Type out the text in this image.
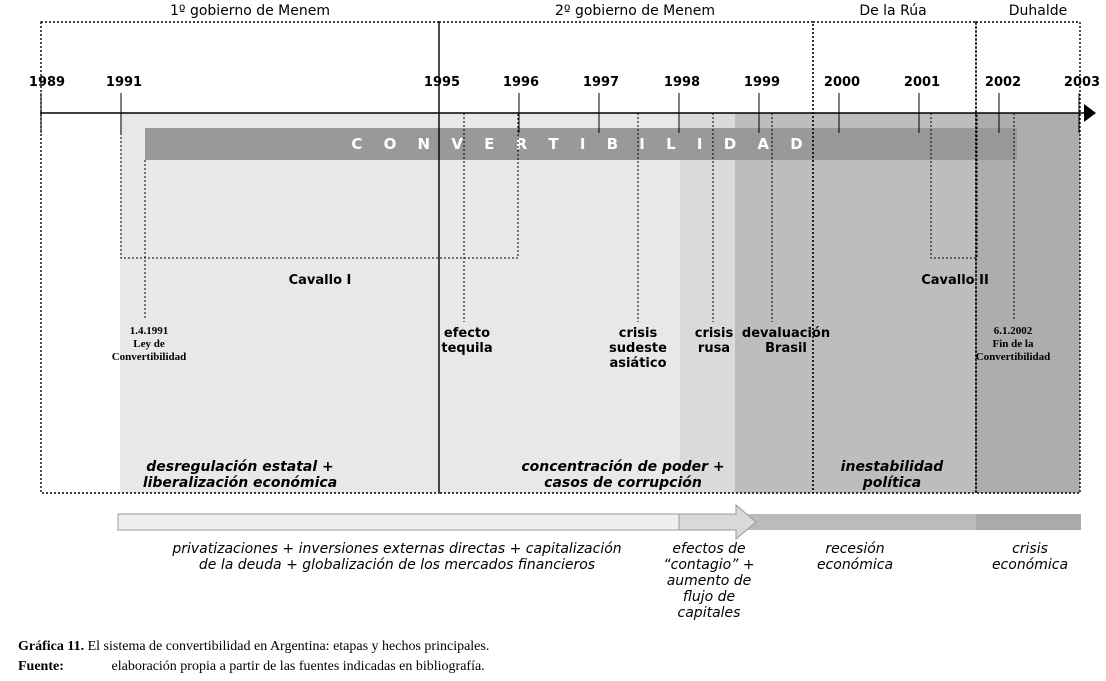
C O N V E R T I B I L I D A D
1º gobierno de Menem	2º gobierno de Menem	De la Rúa	Duhalde
1989	1991	1995	1996	1997	1998	1999	2000	2001	2002	2003
Cavallo I	Cavallo II
1.4.1991
Ley de
Convertibilidad
6.1.2002
Fin de la
Convertibilidad
efecto
tequila
crisis
sudeste
asiático
crisis
rusa
devaluación
Brasil
desregulación estatal +
liberalización económica
concentración de poder +
casos de corrupción
inestabilidad
política
privatizaciones + inversiones externas directas + capitalización
de la deuda + globalización de los mercados financieros
efectos de
“contagio” +
aumento de
flujo de
capitales
recesión
económica
crisis
económica
Gráfica 11. El sistema de convertibilidad en Argentina: etapas y hechos principales.
Fuente:	elaboración propia a partir de las fuentes indicadas en bibliografía.
